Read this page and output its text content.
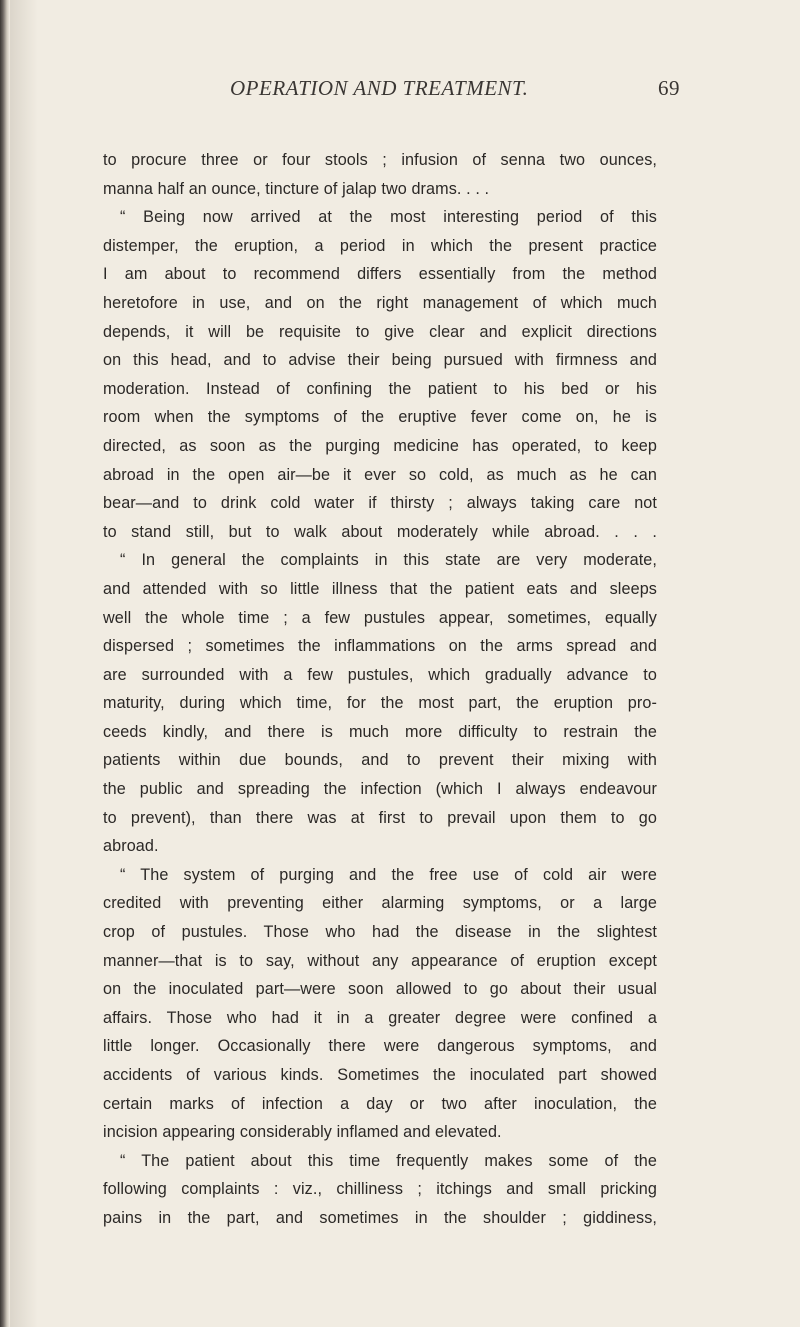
OPERATION AND TREATMENT.	69

to procure three or four stools ; infusion of senna two ounces,

manna half an ounce, tincture of jalap two drams. . . .

“ Being now arrived at the most interesting period of this

distemper, the eruption, a period in which the present practice

I am about to recommend differs essentially from the method

heretofore in use, and on the right management of which much

depends, it will be requisite to give clear and explicit directions

on this head, and to advise their being pursued with firmness and

moderation. Instead of confining the patient to his bed or his

room when the symptoms of the eruptive fever come on, he is

directed, as soon as the purging medicine has operated, to keep

abroad in the open air—be it ever so cold, as much as he can

bear—and to drink cold water if thirsty ; always taking care not

to stand still, but to walk about moderately while abroad. . . .

“ In general the complaints in this state are very moderate,

and attended with so little illness that the patient eats and sleeps

well the whole time ; a few pustules appear, sometimes, equally

dispersed ; sometimes the inflammations on the arms spread and

are surrounded with a few pustules, which gradually advance to

maturity, during which time, for the most part, the eruption pro-

ceeds kindly, and there is much more difficulty to restrain the

patients within due bounds, and to prevent their mixing with

the public and spreading the infection (which I always endeavour

to prevent), than there was at first to prevail upon them to go

abroad.

“ The system of purging and the free use of cold air were

credited with preventing either alarming symptoms, or a large

crop of pustules. Those who had the disease in the slightest

manner—that is to say, without any appearance of eruption except

on the inoculated part—were soon allowed to go about their usual

affairs. Those who had it in a greater degree were confined a

little longer. Occasionally there were dangerous symptoms, and

accidents of various kinds. Sometimes the inoculated part showed

certain marks of infection a day or two after inoculation, the

incision appearing considerably inflamed and elevated.

“ The patient about this time frequently makes some of the

following complaints : viz., chilliness ; itchings and small pricking

pains in the part, and sometimes in the shoulder ; giddiness,
